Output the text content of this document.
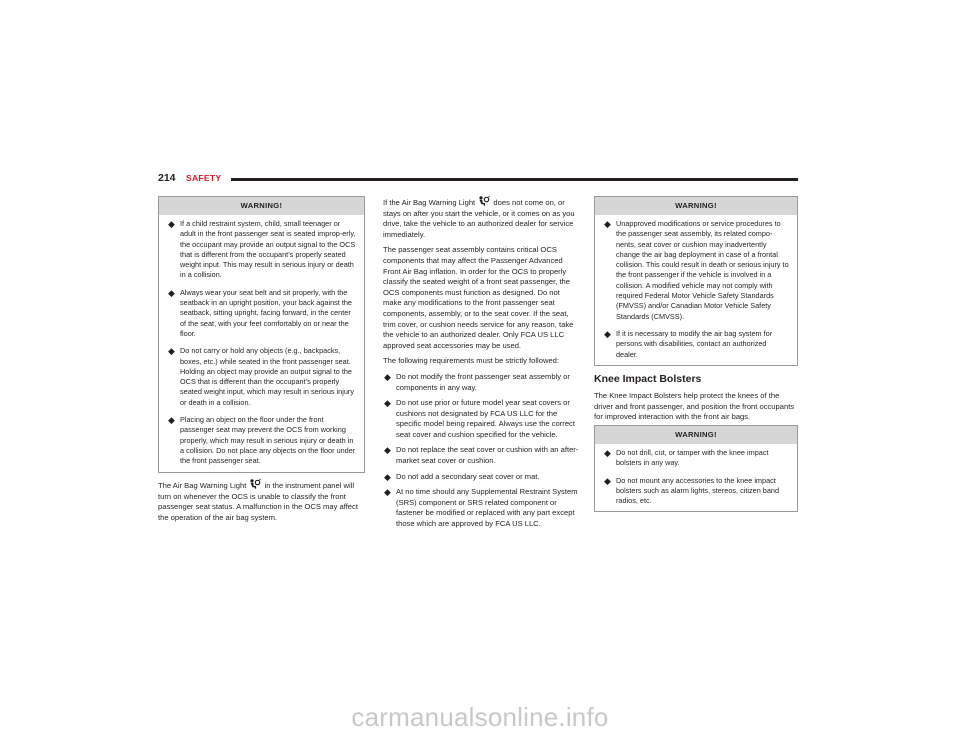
214 SAFETY
WARNING!
◆ If a child restraint system, child, small teenager or adult in the front passenger seat is seated improp-erly, the occupant may provide an output signal to the OCS that is different from the occupant’s properly seated weight input. This may result in serious injury or death in a collision.
◆ Always wear your seat belt and sit properly, with the seatback in an upright position, your back against the seatback, sitting upright, facing forward, in the center of the seat, with your feet comfortably on or near the floor.
◆ Do not carry or hold any objects (e.g., backpacks, boxes, etc.) while seated in the front passenger seat. Holding an object may provide an output signal to the OCS that is different than the occupant’s properly seated weight input, which may result in serious injury or death in a collision.
◆ Placing an object on the floor under the front passenger seat may prevent the OCS from working properly, which may result in serious injury or death in a collision. Do not place any objects on the floor under the front passenger seat.

The Air Bag Warning Light in the instrument panel will turn on whenever the OCS is unable to classify the front passenger seat status. A malfunction in the OCS may affect the operation of the air bag system.

If the Air Bag Warning Light does not come on, or stays on after you start the vehicle, or it comes on as you drive, take the vehicle to an authorized dealer for service immediately.

The passenger seat assembly contains critical OCS components that may affect the Passenger Advanced Front Air Bag inflation. In order for the OCS to properly classify the seated weight of a front seat passenger, the OCS components must function as designed. Do not make any modifications to the front passenger seat components, assembly, or to the seat cover. If the seat, trim cover, or cushion needs service for any reason, take the vehicle to an authorized dealer. Only FCA US LLC approved seat accessories may be used.

The following requirements must be strictly followed:

◆ Do not modify the front passenger seat assembly or components in any way.
◆ Do not use prior or future model year seat covers or cushions not designated by FCA US LLC for the specific model being repaired. Always use the correct seat cover and cushion specified for the vehicle.
◆ Do not replace the seat cover or cushion with an after-market seat cover or cushion.
◆ Do not add a secondary seat cover or mat.
◆ At no time should any Supplemental Restraint System (SRS) component or SRS related component or fastener be modified or replaced with any part except those which are approved by FCA US LLC.
WARNING!
◆ Unapproved modifications or service procedures to the passenger seat assembly, its related compo-nents, seat cover or cushion may inadvertently change the air bag deployment in case of a frontal collision. This could result in death or serious injury to the front passenger if the vehicle is involved in a collision. A modified vehicle may not comply with required Federal Motor Vehicle Safety Standards (FMVSS) and/or Canadian Motor Vehicle Safety Standards (CMVSS).
◆ If it is necessary to modify the air bag system for persons with disabilities, contact an authorized dealer.
Knee Impact Bolsters

The Knee Impact Bolsters help protect the knees of the driver and front passenger, and position the front occupants for improved interaction with the front air bags.

WARNING!
◆ Do not drill, cut, or tamper with the knee impact bolsters in any way.
◆ Do not mount any accessories to the knee impact bolsters such as alarm lights, stereos, citizen band radios, etc.
carmanualsonline.info
